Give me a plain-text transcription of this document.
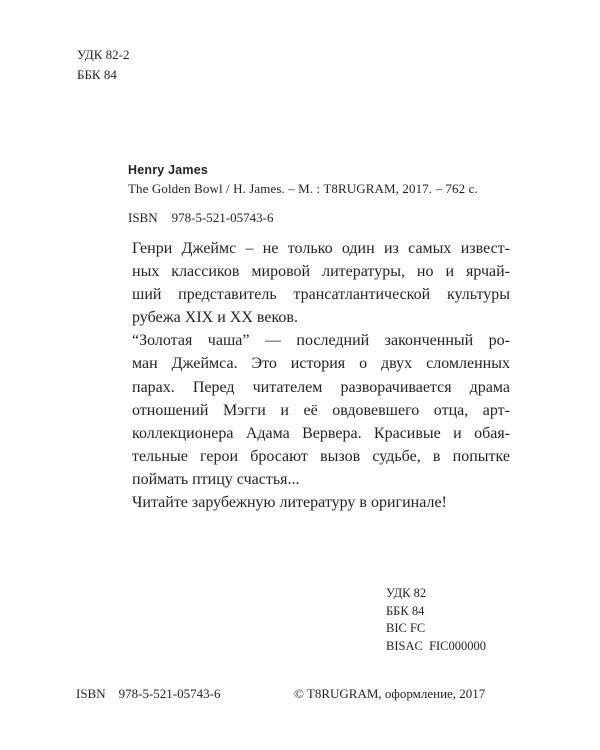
УДК 82-2
ББК 84
Henry James
The Golden Bowl / H. James. – M. : T8RUGRAM, 2017. – 762 с.
ISBN 978-5-521-05743-6

Генри Джеймс – не только один из самых извест-
ных классиков мировой литературы, но и ярчай-
ший представитель трансатлантической культуры
рубежа XIX и XX веков.

“Золотая чаша” — последний законченный ро-
ман Джеймса. Это история о двух сломленных
парах. Перед читателем разворачивается драма
отношений Мэгги и её овдовевшего отца, арт-
коллекционера Адама Вервера. Красивые и обая-
тельные герои бросают вызов судьбе, в попытке
поймать птицу счастья...

Читайте зарубежную литературу в оригинале!

УДК 82
ББК 84
BIC FC
BISAC  FIC000000
ISBN 978-5-521-05743-6	© T8RUGRAM, оформление, 2017
